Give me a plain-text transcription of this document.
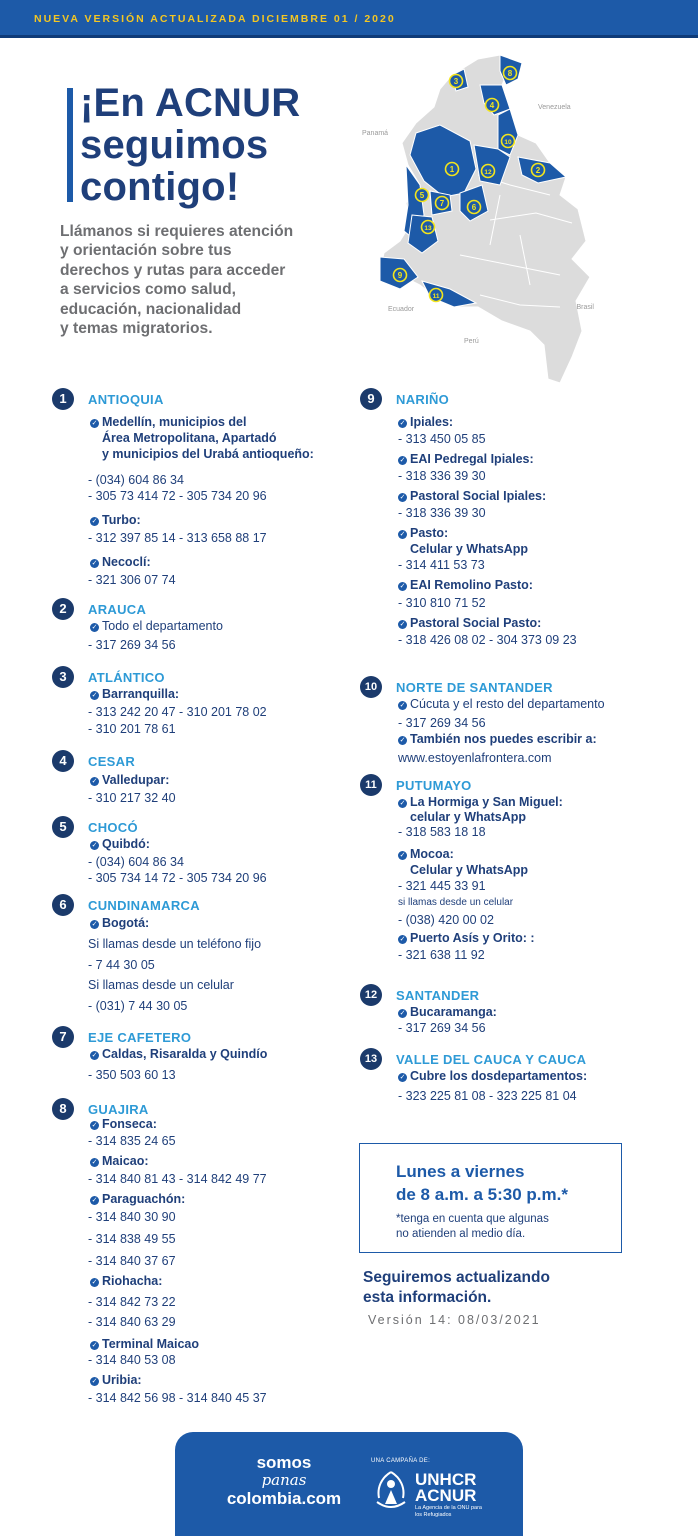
NUEVA VERSIÓN ACTUALIZADA DICIEMBRE 01 / 2020
¡En ACNUR
seguimos
contigo!
Llámanos si requieres atención
y orientación sobre tus
derechos y rutas para acceder
a servicios como salud,
educación, nacionalidad
y temas migratorios.
Panamá
Venezuela
Ecuador	Brasil
Perú
1	2
3
4
5
6
7
8
9
10
11
12
13
1	ANTIOQUIA
✓ Medellín, municipios del
Área Metropolitana, Apartadó
y municipios del Urabá antioqueño:
- (034) 604 86 34
- 305 73 414 72 - 305 734 20 96
✓ Turbo:
- 312 397 85 14 - 313 658 88 17
✓ Necoclí:
- 321 306 07 74
2	ARAUCA
✓ Todo el departamento
- 317 269 34 56
3	ATLÁNTICO
✓ Barranquilla:
- 313 242 20 47 - 310 201 78 02
- 310 201 78 61
4	CESAR
✓ Valledupar:
- 310 217 32 40
5	CHOCÓ
✓ Quibdó:
- (034) 604 86 34
- 305 734 14 72 - 305 734 20 96
6	CUNDINAMARCA
✓ Bogotá:
Si llamas desde un teléfono fijo
- 7 44 30 05
Si llamas desde un celular
- (031) 7 44 30 05
7	EJE CAFETERO
✓ Caldas, Risaralda y Quindío
- 350 503 60 13
8	GUAJIRA
✓ Fonseca:
- 314 835 24 65
✓ Maicao:
- 314 840 81 43 - 314 842 49 77
✓ Paraguachón:
- 314 840 30 90
- 314 838 49 55
- 314 840 37 67
✓ Riohacha:
- 314 842 73 22
- 314 840 63 29
✓ Terminal Maicao
- 314 840 53 08
✓ Uribia:
- 314 842 56 98 - 314 840 45 37
9	NARIÑO
✓ Ipiales:
- 313 450 05 85
✓ EAI Pedregal Ipiales:
- 318 336 39 30
✓ Pastoral Social Ipiales:
- 318 336 39 30
✓ Pasto:
Celular y WhatsApp
- 314 411 53 73
✓ EAI Remolino Pasto:
- 310 810 71 52
✓ Pastoral Social Pasto:
- 318 426 08 02 - 304 373 09 23
10	NORTE DE SANTANDER
✓ Cúcuta y el resto del departamento
- 317 269 34 56
✓ También nos puedes escribir a:
www.estoyenlafrontera.com
11	PUTUMAYO
✓ La Hormiga y San Miguel:
celular y WhatsApp
- 318 583 18 18
✓ Mocoa:
Celular y WhatsApp
- 321 445 33 91
si llamas desde un celular
- (038) 420 00 02
✓ Puerto Asís y Orito: :
- 321 638 11 92
12	SANTANDER
✓ Bucaramanga:
- 317 269 34 56
13	VALLE DEL CAUCA Y CAUCA
✓ Cubre los dosdepartamentos:
- 323 225 81 08 - 323 225 81 04
Lunes a viernes
de 8 a.m. a 5:30 p.m.*
*tenga en cuenta que algunas
no atienden al medio día.
Seguiremos actualizando
esta información.
Versión 14: 08/03/2021
somos
panas
colombia.com
UNA CAMPAÑA DE:
UNHCR
ACNUR
La Agencia de la ONU para los Refugiados
